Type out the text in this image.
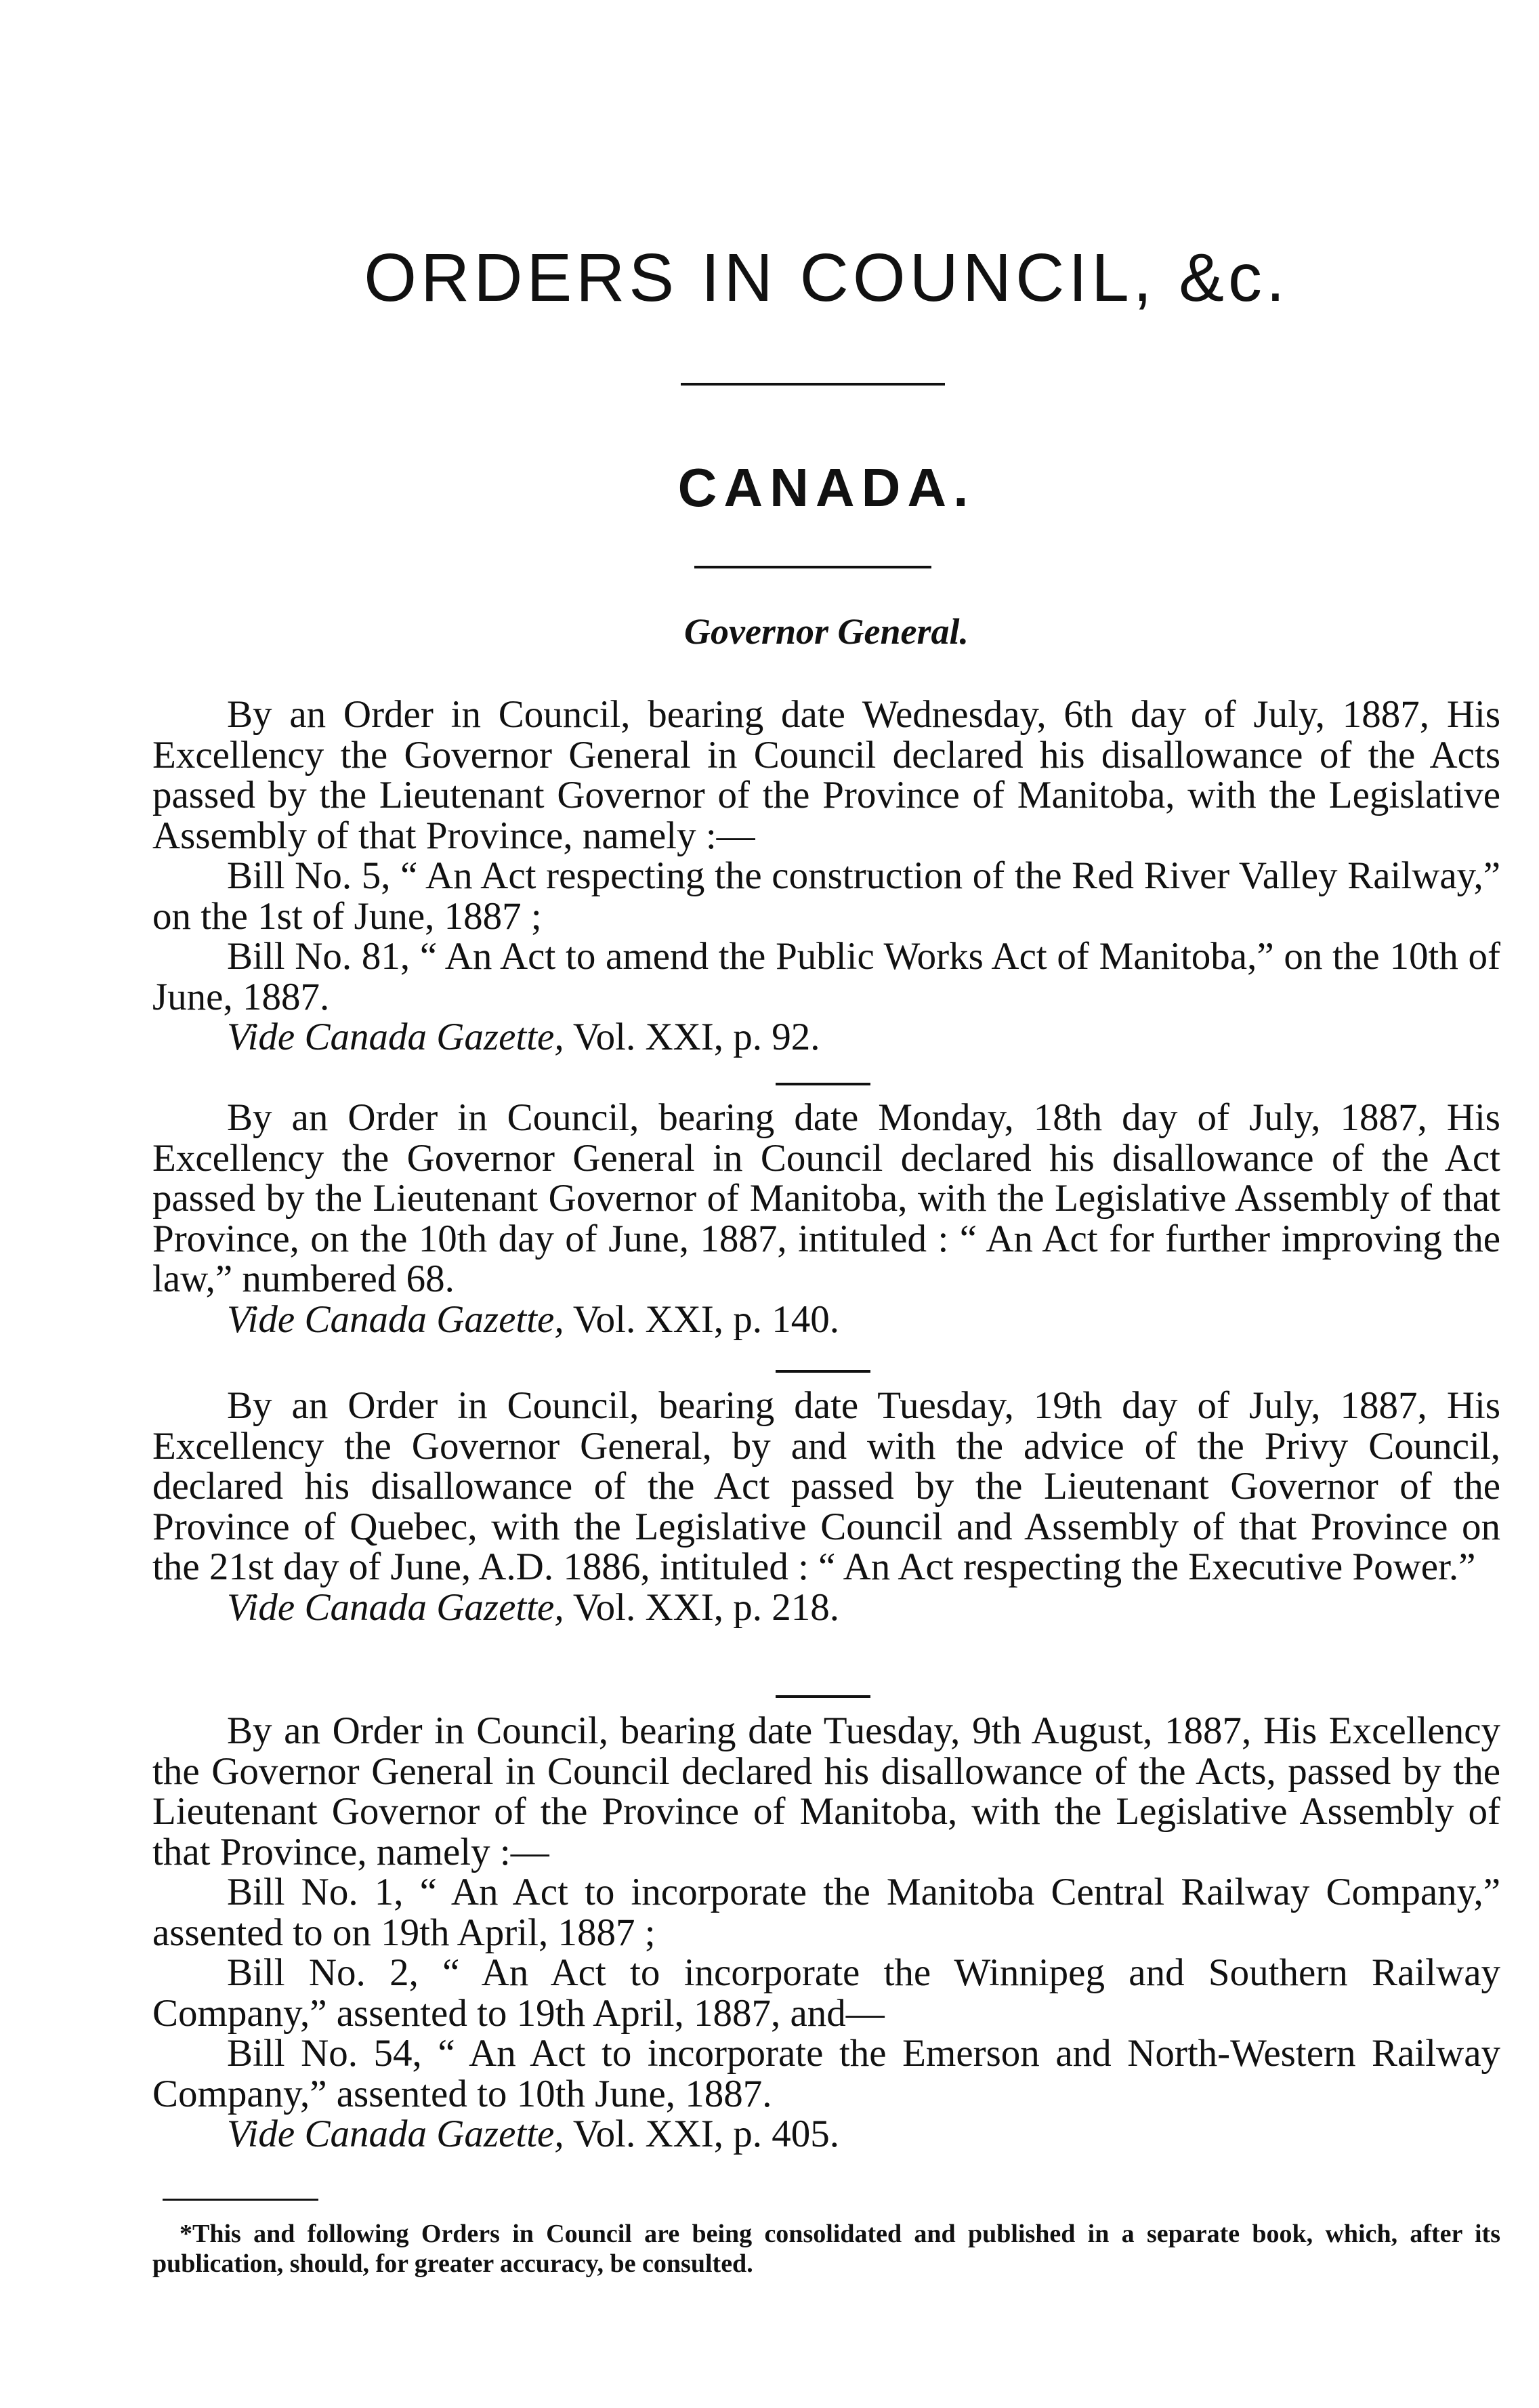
ORDERS IN COUNCIL, &c.
CANADA.
Governor General.

By an Order in Council, bearing date Wednesday, 6th day of July, 1887, His Excellency the Governor General in Council declared his disallowance of the Acts passed by the Lieutenant Governor of the Province of Manitoba, with the Legislative Assembly of that Province, namely :—

Bill No. 5, “ An Act respecting the construction of the Red River Valley Railway,” on the 1st of June, 1887 ;

Bill No. 81, “ An Act to amend the Public Works Act of Manitoba,” on the 10th of June, 1887.

Vide Canada Gazette, Vol. XXI, p. 92.

By an Order in Council, bearing date Monday, 18th day of July, 1887, His Excellency the Governor General in Council declared his disallowance of the Act passed by the Lieutenant Governor of Manitoba, with the Legislative Assembly of that Province, on the 10th day of June, 1887, intituled : “ An Act for further improving the law,” numbered 68.

Vide Canada Gazette, Vol. XXI, p. 140.

By an Order in Council, bearing date Tuesday, 19th day of July, 1887, His Excellency the Governor General, by and with the advice of the Privy Council, declared his disallowance of the Act passed by the Lieutenant Governor of the Province of Quebec, with the Legislative Council and Assembly of that Province on the 21st day of June, A.D. 1886, intituled : “ An Act respecting the Executive Power.”

Vide Canada Gazette, Vol. XXI, p. 218.

By an Order in Council, bearing date Tuesday, 9th August, 1887, His Excellency the Governor General in Council declared his disallowance of the Acts, passed by the Lieutenant Governor of the Province of Manitoba, with the Legislative Assembly of that Province, namely :—

Bill No. 1, “ An Act to incorporate the Manitoba Central Railway Company,” assented to on 19th April, 1887 ;

Bill No. 2, “ An Act to incorporate the Winnipeg and Southern Railway Company,” assented to 19th April, 1887, and—

Bill No. 54, “ An Act to incorporate the Emerson and North-Western Railway Company,” assented to 10th June, 1887.

Vide Canada Gazette, Vol. XXI, p. 405.

*This and following Orders in Council are being consolidated and published in a separate book, which, after its publication, should, for greater accuracy, be consulted.
